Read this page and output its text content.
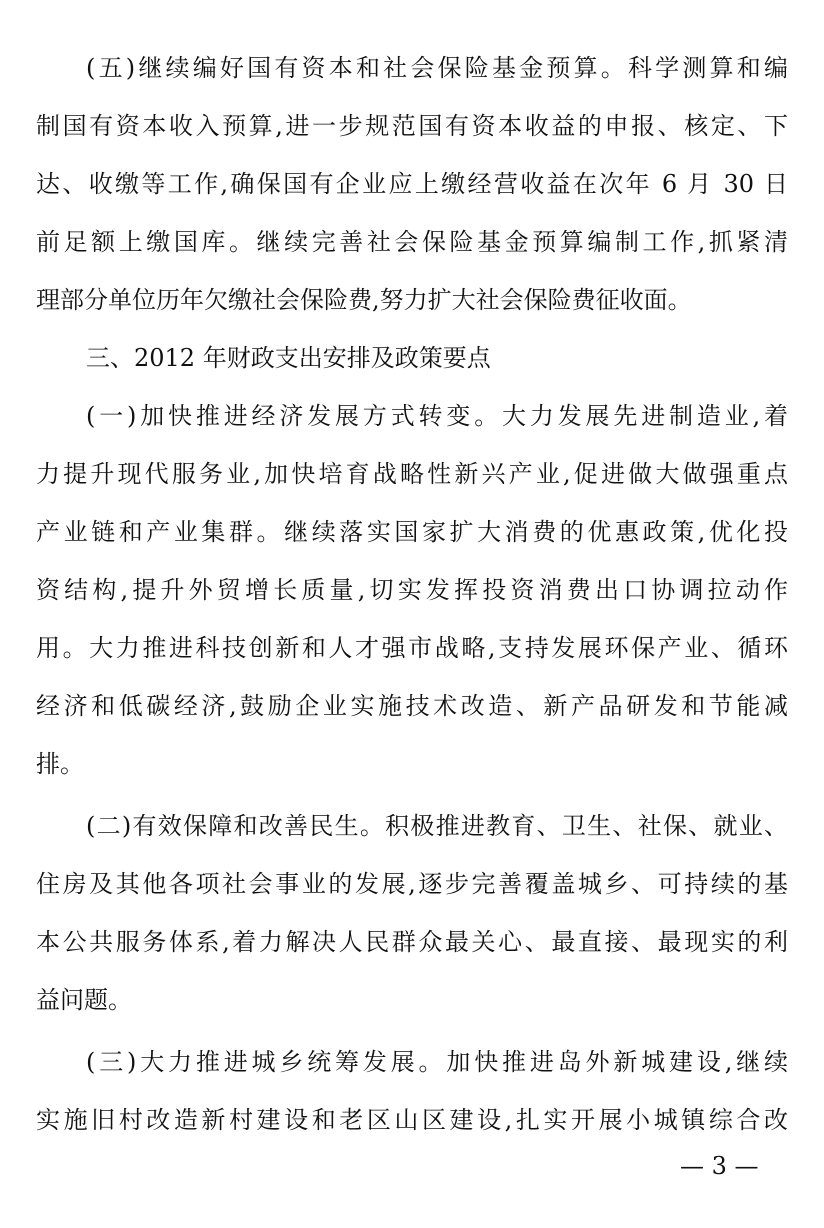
(五)继续编好国有资本和社会保险基金预算。科学测算和编
制国有资本收入预算,进一步规范国有资本收益的申报、核定、下
达、收缴等工作,确保国有企业应上缴经营收益在次年 6 月 30 日
前足额上缴国库。继续完善社会保险基金预算编制工作,抓紧清
理部分单位历年欠缴社会保险费,努力扩大社会保险费征收面。
三、2012 年财政支出安排及政策要点
(一)加快推进经济发展方式转变。大力发展先进制造业,着
力提升现代服务业,加快培育战略性新兴产业,促进做大做强重点
产业链和产业集群。继续落实国家扩大消费的优惠政策,优化投
资结构,提升外贸增长质量,切实发挥投资消费出口协调拉动作
用。大力推进科技创新和人才强市战略,支持发展环保产业、循环
经济和低碳经济,鼓励企业实施技术改造、新产品研发和节能减
排。
(二)有效保障和改善民生。积极推进教育、卫生、社保、就业、
住房及其他各项社会事业的发展,逐步完善覆盖城乡、可持续的基
本公共服务体系,着力解决人民群众最关心、最直接、最现实的利
益问题。
(三)大力推进城乡统筹发展。加快推进岛外新城建设,继续
实施旧村改造新村建设和老区山区建设,扎实开展小城镇综合改
— 3 —
